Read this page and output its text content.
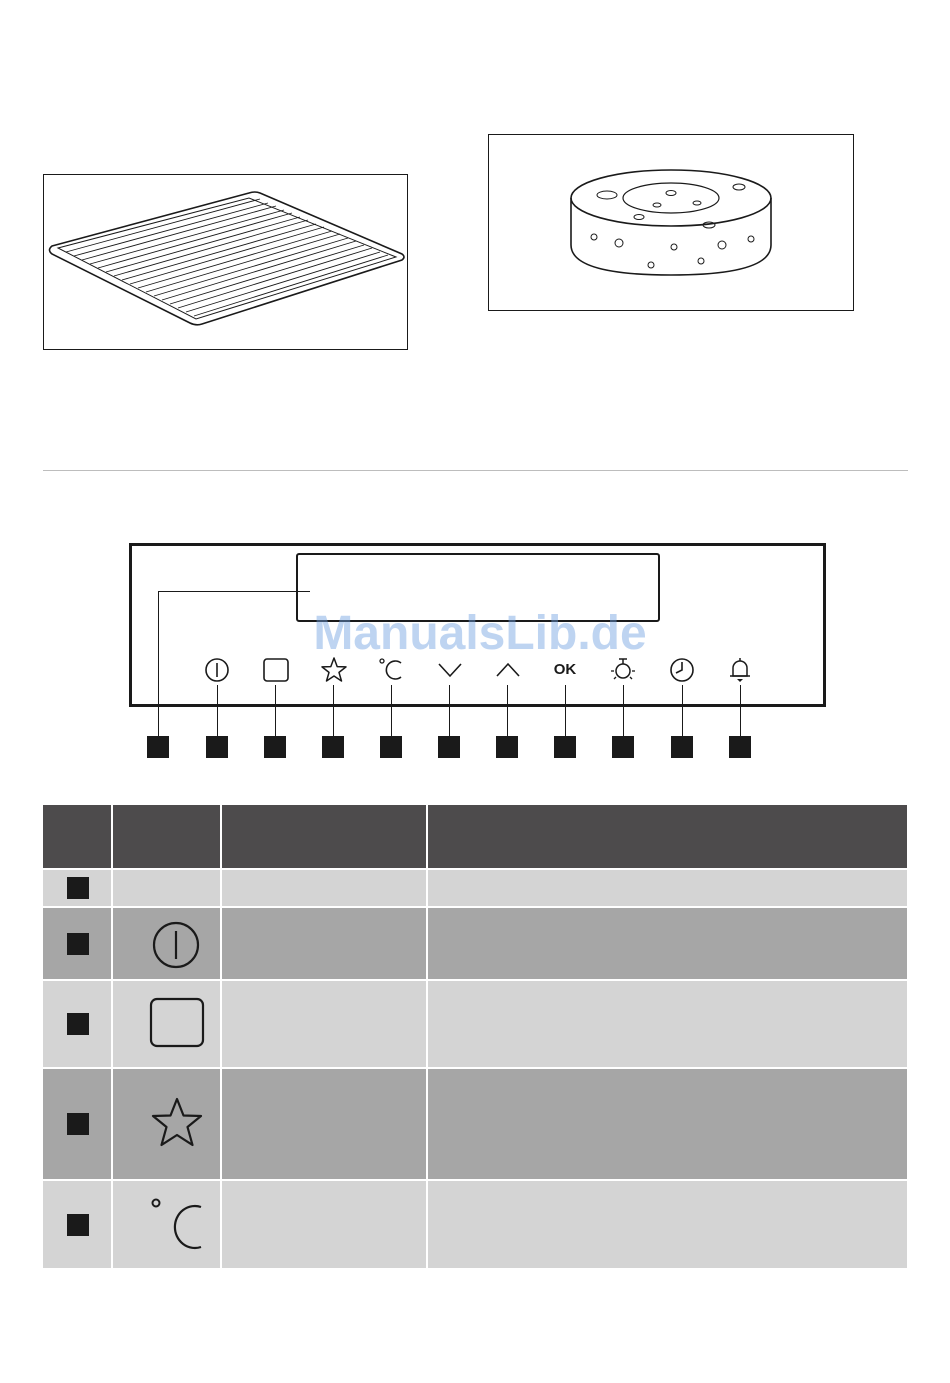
ManualsLib.de
OK
